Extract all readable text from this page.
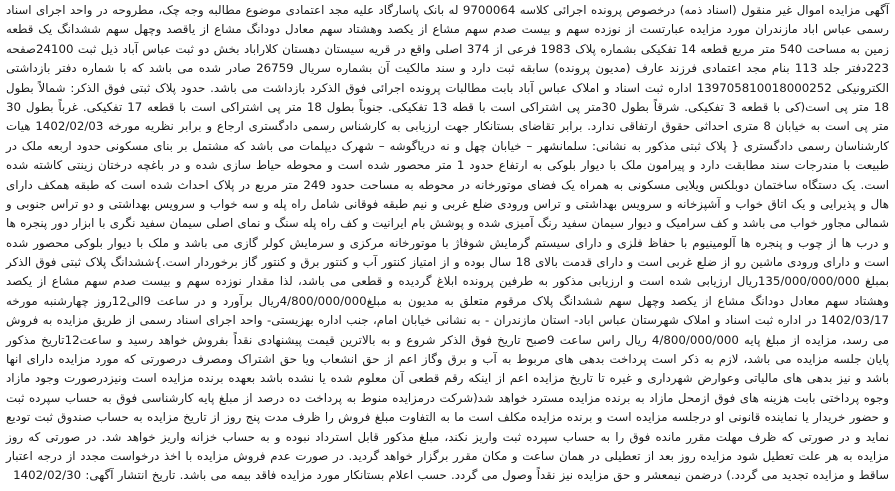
آگهی مزایده اموال غیر منقول (اسناد ذمه) درخصوص پرونده اجرائی کلاسه 9700064 له بانک پاسارگاد علیه مجد اعتمادی موضوع مطالبه وجه چک، مطروحه در واحد اجرای اسناد رسمی عباس اباد مازندران مورد مزایده عبارتست از نوزده سهم و بیست صدم سهم مشاع از یکصد وهشتاد سهم معادل دودانگ مشاع از یاقصد وچهل سهم ششدانگ یک قطعه زمین به مساحت 540 متر مربع قطعه 14 تفکیکی بشماره پلاک 1983 فرعی از 374 اصلی واقع در قریه سیستان دهستان کلاراباد بخش دو ثبت عباس آباد ذیل ثبت 24100صفحه 223دفتر جلد 113 بنام مجد اعتمادی فرزند عارف (مدیون پرونده) سابقه ثبت دارد و سند مالکیت آن بشماره سریال 26759 صادر شده می باشد که با شماره دفتر بازداشتی الکترونیکی 139705810018000252 اداره ثبت اسناد و املاک عباس آباد بابت مطالبات پرونده اجرائی فوق الذکرد بازداشت می باشد. حدود پلاک ثبتی فوق الذکر: شمالاً بطول 18 متر پی است(کی با قطعه 3 تفکیکی. شرقاً بطول 30متر پی اشتراکی است با قطه 13 تفکیکی. جنوباً بطول 18 متر پی اشتراکی است با قطعه 17 تفکیکی. غرباً بطول 30 متر پی است به خیابان 8 متری احداثی حقوق ارتفاقی ندارد. برابر تقاضای بستانکار جهت ارزیابی به کارشناس رسمی دادگستری ارجاع و برابر نظریه مورخه 1402/02/03 هیات کارشناسان رسمی دادگستری { پلاک ثبتی مذکور به نشانی: سلمانشهر – خیابان چهل و نه دریاگوشه – شهرک دیپلمات می باشد که مشتمل بر بنای مسکونی حدود اربعه ملک در طبیعت با مندرجات سند مطابقت دارد و پیرامون ملک با دیوار بلوکی به ارتفاع حدود 1 متر محصور شده است و محوطه حیاط سازی شده و در باغچه درختان زینتی کاشته شده است. یک دستگاه ساختمان دوبلکس ویلایی مسکونی به همراه یک فضای موتورخانه در محوطه به مساحت حدود 249 متر مربع در پلاک احداث شده است که طبقه همکف دارای هال و پذیرایی و یک اتاق خواب و آشپزخانه و سرویس بهداشتی و تراس ورودی ضلع غربی و نیم طبقه فوقانی شامل راه پله و سه خواب و سرویس بهداشتی و دو تراس جنوبی و شمالی مجاور خواب می باشد و کف سرامیک و دیوار سیمان سفید رنگ آمیزی شده و پوشش بام ایرانیت و کف راه پله سنگ و نمای اصلی سیمان سفید نگری با ابزار دور پنجره ها و درب ها از چوب و پنجره ها آلومینیوم با حفاظ فلزی و دارای سیستم گرمایش شوفاژ با موتورخانه مرکزی و سرمایش کولر گازی می باشد و ملک با دیوار بلوکی محصور شده است و دارای ورودی ماشین رو از ضلع غربی است و دارای قدمت بالای 18 سال بوده و از امتیاز کنتور آب و کنتور برق و کنتور گاز برخوردار است.}ششدانگ پلاک ثبتی فوق الذکر بمبلغ 135/000/000/000ریال ارزیابی شده است و ارزیابی مذکور به طرفین پرونده ابلاغ گردیده و قطعی می باشد، لذا مقدار نوزده سهم و بیست صدم سهم مشاع از یکصد وهشتاد سهم معادل دودانگ مشاع از یکصد وچهل سهم ششدانگ پلاک مرقوم متعلق به مدیون به مبلغ4/800/000/000ریال برآورد و در ساعت 9الی12روز چهارشنبه مورخه 1402/03/17 در اداره ثبت اسناد و املاک شهرستان عباس اباد- استان مازندران - به نشانی خیابان امام، جنب اداره بهزیستی- واحد اجرای اسناد رسمی از طریق مزایده به فروش می رسد، مزایده از مبلغ پایه 4/800/000/000 ریال راس ساعت 9صبح تاریخ فوق الذکر شروع و به بالاترین قیمت پیشنهادی نقداً بفروش خواهد رسید و ساعت12تاریخ مذکور پایان جلسه مزایده می باشد، لازم به ذکر است پرداخت بدهی های مربوط به آب و برق وگاز اعم از حق انشعاب ویا حق اشتراک ومصرف درصورتی که مورد مزایده دارای انها باشد و نیز بدهی های مالیاتی وعوارض شهرداری و غیره تا تاریخ مزایده اعم از اینکه رقم قطعی آن معلوم شده یا نشده باشد بعهده برنده مزایده است ونیزدرصورت وجود مازاد وجوه پرداختی بابت هزینه های فوق ازمحل مازاد به برنده مزایده مسترد خواهد شد(شرکت درمزایده منوط به پرداخت ده درصد از مبلغ پایه کارشناسی فوق به حساب سپرده ثبت و حضور خریدار یا نماینده قانونی او درجلسه مزایده است و برنده مزایده مکلف است ما به التفاوت مبلغ فروش را ظرف مدت پنج روز از تاریخ مزایده به حساب صندوق ثبت تودیع نماید و در صورتی که ظرف مهلت مقرر مانده فوق را به حساب سپرده ثبت واریز نکند، مبلغ مذکور قابل استرداد نبوده و به حساب خزانه واریز خواهد شد. در صورتی که روز مزایده به هر علت تعطیل شود مزایده روز بعد از تعطیلی در همان ساعت و مکان مقرر برگزار خواهد گردید. در صورت عدم فروش مزایده با اخذ درخواست مجدد از درجه اعتبار ساقط و مزایده تجدید می گردد.) درضمن نیمعشر و حق مزایده نیز نقداً وصول می گردد. حسب اعلام بستانکار مورد مزایده فاقد بیمه می باشد. تاریخ انتشار آگهی: 1402/02/30
